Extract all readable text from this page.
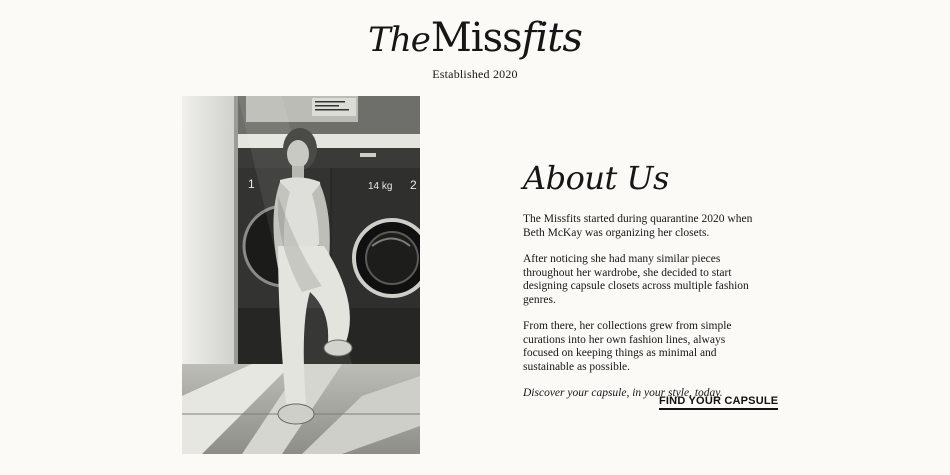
TheMissfits
Established 2020
1	14 kg 2	About Us

The Missfits started during quarantine 2020 when Beth McKay was organizing her closets.

After noticing she had many similar pieces throughout her wardrobe, she decided to start designing capsule closets across multiple fashion genres.

From there, her collections grew from simple curations into her own fashion lines, always focused on keeping things as minimal and sustainable as possible.

Discover your capsule, in your style, today.

FIND YOUR CAPSULE
